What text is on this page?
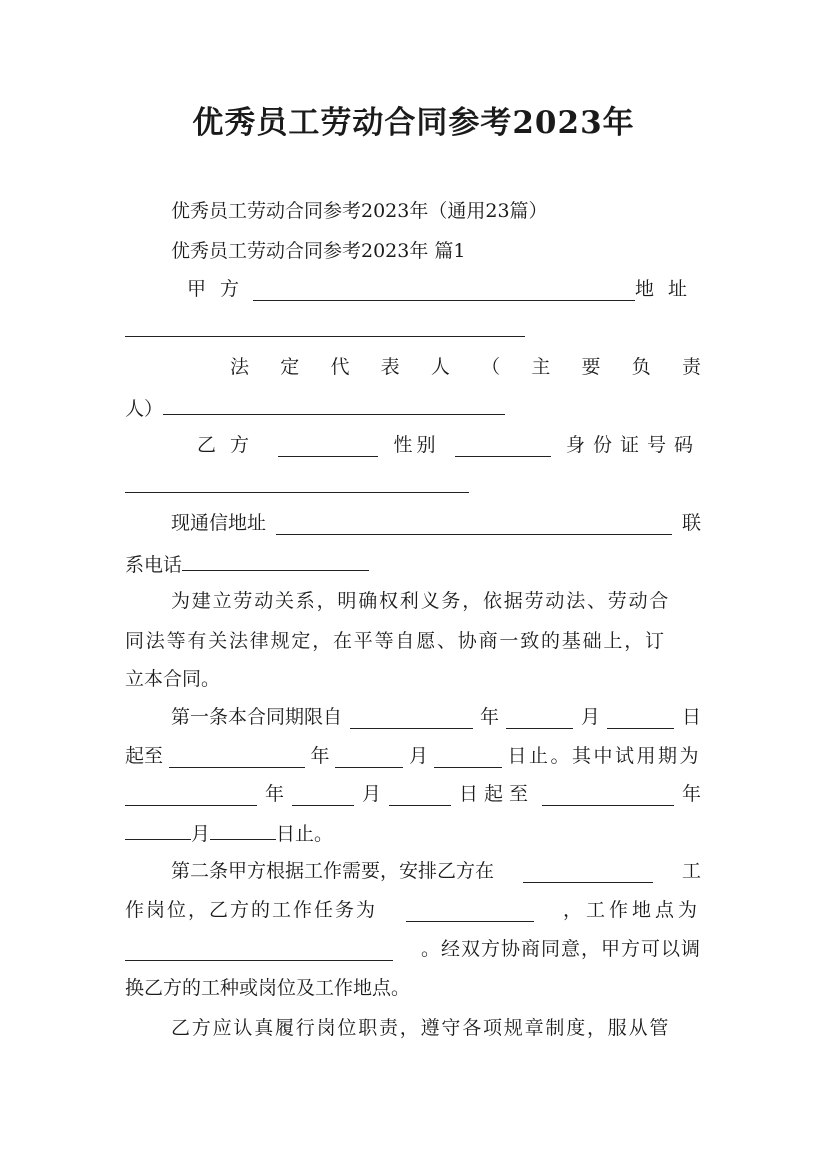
优秀员工劳动合同参考2023年
优秀员工劳动合同参考2023年（通用23篇）
优秀员工劳动合同参考2023年 篇1
甲方	地址
法 定 代 表 人 （ 主 要 负 责
人）
乙方	性别	身份证号码
现通信地址	联
系电话
为建立劳动关系，明确权利义务，依据劳动法、劳动合
同法等有关法律规定，在平等自愿、协商一致的基础上，订
立本合同。
第一条本合同期限自	年	月	日
起至	年	月	日止。其中试用期为
年	月	日起至	年
月	日止。
第二条甲方根据工作需要，安排乙方在	工
作岗位，乙方的工作任务为	，工作地点为
。经双方协商同意，甲方可以调
换乙方的工种或岗位及工作地点。
乙方应认真履行岗位职责，遵守各项规章制度，服从管
